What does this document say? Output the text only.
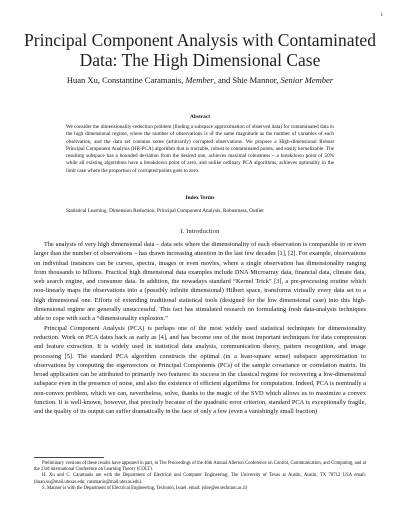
1
Principal Component Analysis with Contaminated Data: The High Dimensional Case
Huan Xu, Constantine Caramanis, Member, and Shie Mannor, Senior Member
Abstract
We consider the dimensionality-reduction problem (finding a subspace approximation of observed data) for contaminated data in the high dimensional regime, where the number of observations is of the same magnitude as the number of variables of each observation, and the data set contains some (arbitrarily) corrupted observations. We propose a High-dimensional Robust Principal Component Analysis (HR-PCA) algorithm that is tractable, robust to contaminated points, and easily kernelizable. The resulting subspace has a bounded deviation from the desired one, achieves maximal robustness – a breakdown point of 50% while all existing algorithms have a breakdown point of zero, and unlike ordinary PCA algorithms, achieves optimality in the limit case where the proportion of corrupted points goes to zero.
Index Terms
Statistical Learning, Dimension Reduction, Principal Component Analysis, Robustness, Outlier
I. Introduction

The analysis of very high dimensional data – data sets where the dimensionality of each observation is comparable to or even larger than the number of observations – has drawn increasing attention in the last few decades [1], [2]. For example, observations on individual instances can be curves, spectra, images or even movies, where a single observation has dimensionality ranging from thousands to billions. Practical high dimensional data examples include DNA Microarray data, financial data, climate data, web search engine, and consumer data. In addition, the nowadays standard “Kernel Trick” [3], a pre-processing routine which non-linearly maps the observations into a (possibly infinite dimensional) Hilbert space, transforms virtually every data set to a high dimensional one. Efforts of extending traditional statistical tools (designed for the low dimensional case) into this high-dimensional regime are generally unsuccessful. This fact has stimulated research on formulating fresh data-analysis techniques able to cope with such a “dimensionality explosion.”

Principal Component Analysis (PCA) is perhaps one of the most widely used statistical techniques for dimensionality reduction. Work on PCA dates back as early as [4], and has become one of the most important techniques for data compression and feature extraction. It is widely used in statistical data analysis, communication theory, pattern recognition, and image processing [5]. The standard PCA algorithm constructs the optimal (in a least-square sense) subspace approximation to observations by computing the eigenvectors or Principal Components (PCs) of the sample covariance or correlation matrix. Its broad application can be attributed to primarily two features: its success in the classical regime for recovering a low-dimensional subspace even in the presence of noise, and also the existence of efficient algorithms for computation. Indeed, PCA is nominally a non-convex problem, which we can, nevertheless, solve, thanks to the magic of the SVD which allows us to maximize a convex function. It is well-known, however, that precisely because of the quadratic error criterion, standard PCA is exceptionally fragile, and the quality of its output can suffer dramatically in the face of only a few (even a vanishingly small fraction)

Preliminary versions of these results have appeared in part, in The Proceedings of the 46th Annual Allerton Conference on Control, Communication, and Computing, and at the 23rd international Conference on Learning Theory (COLT).

H. Xu and C. Caramanis are with the Department of Electrical and Computer Engineering, The University of Texas at Austin, Austin, TX 78712 USA email: (huan.xu@mail.utexas.edu; caramanis@mail.utexas.edu).

S. Mannor is with the Department of Electrical Engineering, Technion, Israel. email: (shie@ee.technion.ac.il)
